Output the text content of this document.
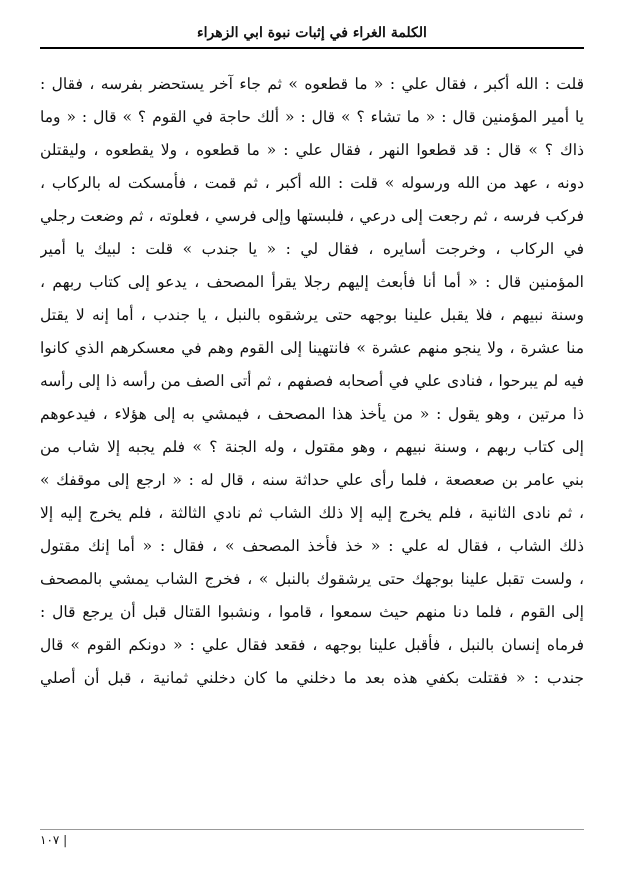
الكلمة الغراء في إثبات نبوة ابي الزهراء
قلت : الله أكبر ، فقال علي : « ما قطعوه » ثم جاء آخر يستحضر بفرسه ، فقال :
يا أمير المؤمنين قال : « ما تشاء ؟ » قال : « ألك حاجة في القوم ؟ » قال : « وما
ذاك ؟ » قال : قد قطعوا النهر ، فقال علي : « ما قطعوه ، ولا يقطعوه ، وليقتلن
دونه ، عهد من الله ورسوله » قلت : الله أكبر ، ثم قمت ، فأمسكت له بالركاب ،
فركب فرسه ، ثم رجعت إلى درعي ، فلبستها وإلى فرسي ، فعلوته ، ثم وضعت رجلي
في الركاب ، وخرجت أسايره ، فقال لي : « يا جندب » قلت : لبيك يا أمير
المؤمنين قال : « أما أنا فأبعث إليهم رجلا يقرأ المصحف ، يدعو إلى كتاب ربهم ،
وسنة نبيهم ، فلا يقبل علينا بوجهه حتى يرشقوه بالنبل ، يا جندب ، أما إنه لا يقتل
منا عشرة ، ولا ينجو منهم عشرة » فانتهينا إلى القوم وهم في معسكرهم الذي كانوا
فيه لم يبرحوا ، فنادى علي في أصحابه فصفهم ، ثم أتى الصف من رأسه ذا إلى رأسه
ذا مرتين ، وهو يقول : « من يأخذ هذا المصحف ، فيمشي به إلى هؤلاء ، فيدعوهم
إلى كتاب ربهم ، وسنة نبيهم ، وهو مقتول ، وله الجنة ؟ » فلم يجبه إلا شاب من
بني عامر بن صعصعة ، فلما رأى علي حداثة سنه ، قال له : « ارجع إلى موقفك »
، ثم نادى الثانية ، فلم يخرج إليه إلا ذلك الشاب ثم نادي الثالثة ، فلم يخرج إليه إلا
ذلك الشاب ، فقال له علي : « خذ فأخذ المصحف » ، فقال : « أما إنك مقتول
، ولست تقبل علينا بوجهك حتى يرشقوك بالنبل » ، فخرج الشاب يمشي بالمصحف
إلى القوم ، فلما دنا منهم حيث سمعوا ، قاموا ، ونشبوا القتال قبل أن يرجع قال :
فرماه إنسان بالنبل ، فأقبل علينا بوجهه ، فقعد فقال علي : « دونكم القوم » قال
جندب : « فقتلت بكفي هذه بعد ما دخلني ما كان دخلني ثمانية ، قبل أن أصلي
| ١٠٧
